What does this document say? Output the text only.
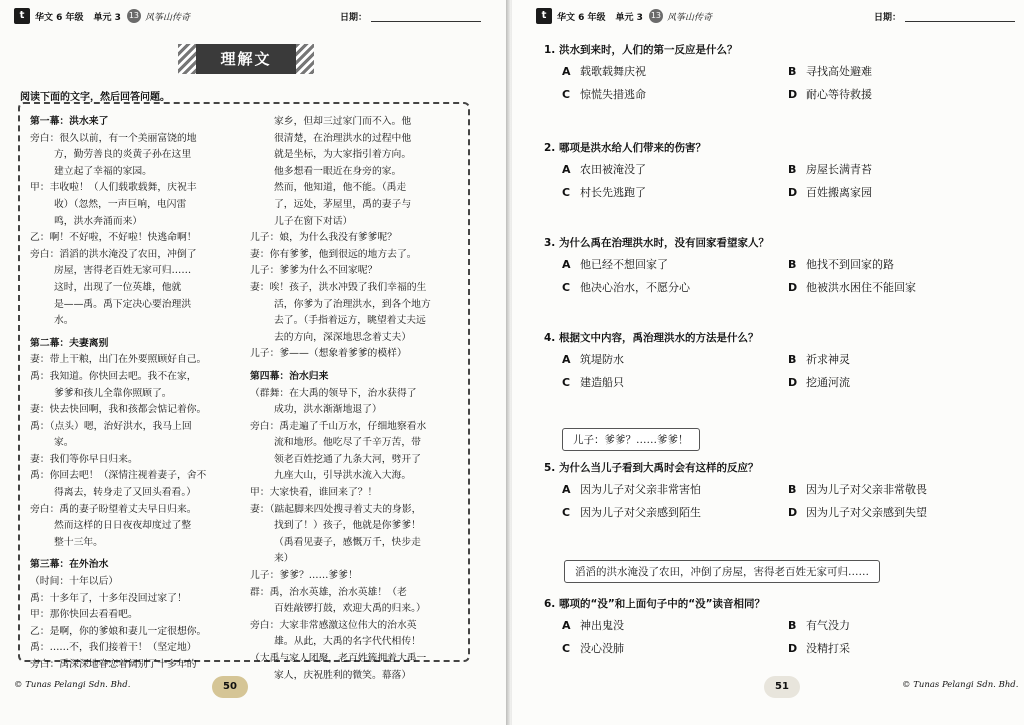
t	华文 6 年级 单元 3 13 风筝山传奇	日期：
理解文
阅读下面的文字，然后回答问题。

第一幕：洪水来了

旁白：很久以前，有一个美丽富饶的地
方，勤劳善良的炎黄子孙在这里
建立起了幸福的家园。

甲：丰收啦！（人们载歌载舞，庆祝丰
收）（忽然，一声巨响，电闪雷
鸣，洪水奔涌而来）

乙：啊！不好啦，不好啦！快逃命啊！

旁白：滔滔的洪水淹没了农田，冲倒了
房屋，害得老百姓无家可归……
这时，出现了一位英雄，他就
是——禹。禹下定决心要治理洪
水。

第二幕：夫妻离别

妻：带上干粮，出门在外要照顾好自己。

禹：我知道。你快回去吧。我不在家，
爹爹和孩儿全靠你照顾了。

妻：快去快回啊，我和孩都会惦记着你。

禹：（点头）嗯，治好洪水，我马上回
家。

妻：我们等你早日归来。

禹：你回去吧！（深情注视着妻子，舍不
得离去，转身走了又回头看看。）

旁白：禹的妻子盼望着丈夫早日归来。
然而这样的日日夜夜却度过了整
整十三年。

第三幕：在外治水

（时间：十年以后）

禹：十多年了，十多年没回过家了！

甲：那你快回去看看吧。

乙：是啊，你的爹娘和妻儿一定很想你。

禹：……不，我们接着干！（坚定地）

旁白：禹深深地眷恋着阔别了十多年的

家乡，但却三过家门而不入。他
很清楚，在治理洪水的过程中他
就是坐标，为大家指引着方向。
他多想看一眼近在身旁的家。
然而，他知道，他不能。（禹走
了，远处，茅屋里，禹的妻子与
儿子在窗下对话）

儿子：娘，为什么我没有爹爹呢？

妻：你有爹爹，他到很远的地方去了。

儿子：爹爹为什么不回家呢？

妻：唉！孩子，洪水冲毁了我们幸福的生
活，你爹为了治理洪水，到各个地方
去了。（手指着远方，眺望着丈夫远
去的方向，深深地思念着丈夫）

儿子：爹——（想象着爹爹的模样）

第四幕：治水归来

（群舞：在大禹的领导下，治水获得了
成功，洪水渐渐地退了）

旁白：禹走遍了千山万水，仔细地察看水
流和地形。他吃尽了千辛万苦，带
领老百姓挖通了九条大河，劈开了
九座大山，引导洪水流入大海。

甲：大家快看，谁回来了？！

妻：（踮起脚来四处搜寻着丈夫的身影，
找到了！）孩子，他就是你爹爹！
（禹看见妻子，感慨万千，快步走
来）

儿子：爹爹？……爹爹！

群：禹，治水英雄，治水英雄！（老
百姓敲锣打鼓，欢迎大禹的归来。）

旁白：大家非常感激这位伟大的治水英
雄。从此，大禹的名字代代相传！

（大禹与家人团聚，老百姓簇拥着大禹一
家人，庆祝胜利的微笑。幕落）

© Tunas Pelangi Sdn. Bhd.	50
t	华文 6 年级 单元 3 13 风筝山传奇	日期：
1. 洪水到来时，人们的第一反应是什么？
A 载歌载舞庆祝	B 寻找高处避难
C 惊慌失措逃命	D 耐心等待救援
2. 哪项是洪水给人们带来的伤害？
A 农田被淹没了	B 房屋长满青苔
C 村长先逃跑了	D 百姓搬离家园
3. 为什么禹在治理洪水时，没有回家看望家人？
A 他已经不想回家了	B 他找不到回家的路
C 他决心治水，不愿分心	D 他被洪水困住不能回家
4. 根据文中内容，禹治理洪水的方法是什么？
A 筑堤防水	B 祈求神灵
C 建造船只	D 挖通河流
5. 为什么当儿子看到大禹时会有这样的反应？
A 因为儿子对父亲非常害怕	B 因为儿子对父亲非常敬畏
C 因为儿子对父亲感到陌生	D 因为儿子对父亲感到失望
6. 哪项的“没”和上面句子中的“没”读音相同？
A 神出鬼没	B 有气没力
C 没心没肺	D 没精打采
儿子：爹爹？……爹爹！
滔滔的洪水淹没了农田，冲倒了房屋，害得老百姓无家可归……
51	© Tunas Pelangi Sdn. Bhd.
